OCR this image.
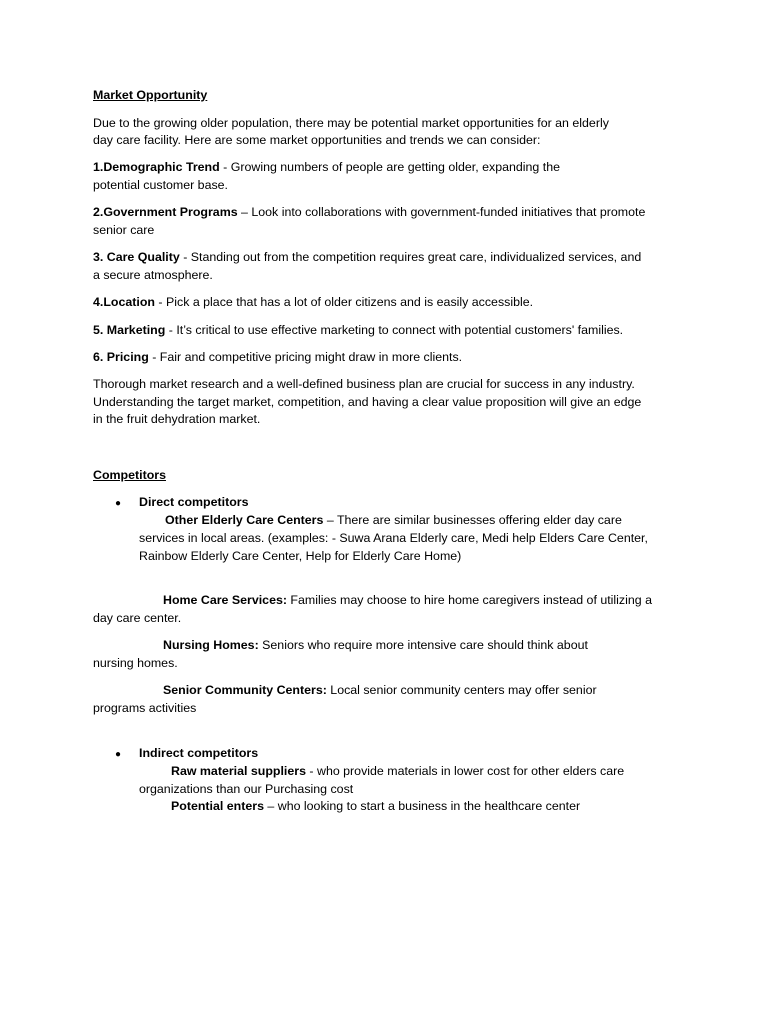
Market Opportunity
Due to the growing older population, there may be potential market opportunities for an elderly
day care facility. Here are some market opportunities and trends we can consider:
1.Demographic Trend - Growing numbers of people are getting older, expanding the
potential customer base.
2.Government Programs – Look into collaborations with government-funded initiatives that promote
senior care
3. Care Quality - Standing out from the competition requires great care, individualized services, and
a secure atmosphere.
4.Location - Pick a place that has a lot of older citizens and is easily accessible.
5. Marketing - It’s critical to use effective marketing to connect with potential customers' families.
6. Pricing - Fair and competitive pricing might draw in more clients.
Thorough market research and a well-defined business plan are crucial for success in any industry.
Understanding the target market, competition, and having a clear value proposition will give an edge
in the fruit dehydration market.
Competitors
● Direct competitors
Other Elderly Care Centers – There are similar businesses offering elder day care
services in local areas. (examples: - Suwa Arana Elderly care, Medi help Elders Care Center,
Rainbow Elderly Care Center, Help for Elderly Care Home)
Home Care Services: Families may choose to hire home caregivers instead of utilizing a
day care center.
Nursing Homes: Seniors who require more intensive care should think about
nursing homes.
Senior Community Centers: Local senior community centers may offer senior
programs activities
● Indirect competitors
Raw material suppliers - who provide materials in lower cost for other elders care
organizations than our Purchasing cost
Potential enters – who looking to start a business in the healthcare center
